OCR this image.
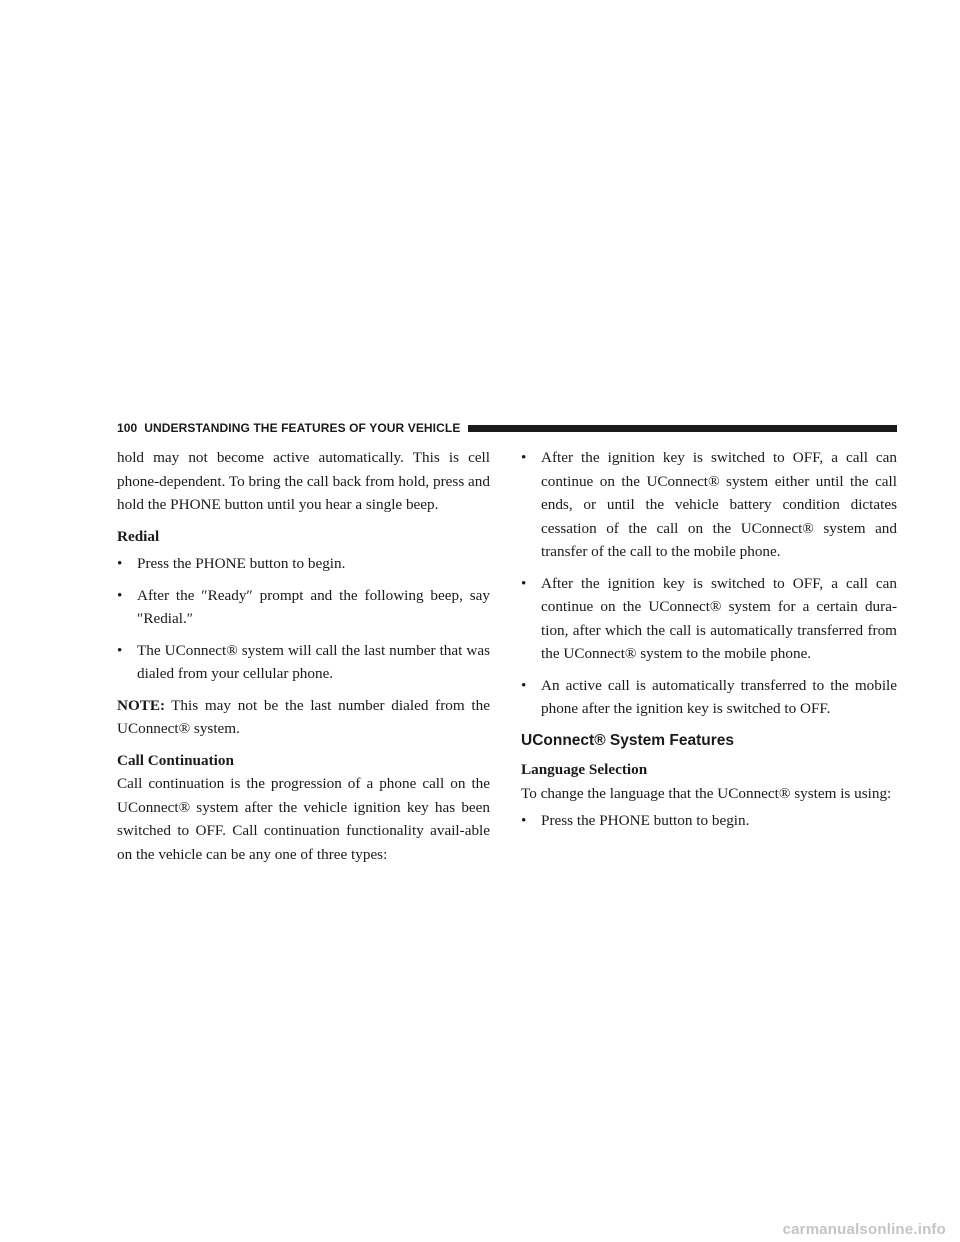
100 UNDERSTANDING THE FEATURES OF YOUR VEHICLE

hold may not become active automatically. This is cell phone-dependent. To bring the call back from hold, press and hold the PHONE button until you hear a single beep.

Redial

• Press the PHONE button to begin.
• After the ″Ready″ prompt and the following beep, say ″Redial.″
• The UConnect® system will call the last number that was dialed from your cellular phone.

NOTE: This may not be the last number dialed from the UConnect® system.

Call Continuation

Call continuation is the progression of a phone call on the UConnect® system after the vehicle ignition key has been switched to OFF. Call continuation functionality avail-able on the vehicle can be any one of three types:

• After the ignition key is switched to OFF, a call can continue on the UConnect® system either until the call ends, or until the vehicle battery condition dictates cessation of the call on the UConnect® system and transfer of the call to the mobile phone.
• After the ignition key is switched to OFF, a call can continue on the UConnect® system for a certain dura-tion, after which the call is automatically transferred from the UConnect® system to the mobile phone.
• An active call is automatically transferred to the mobile phone after the ignition key is switched to OFF.
UConnect® System Features

Language Selection

To change the language that the UConnect® system is using:

• Press the PHONE button to begin.
carmanualsonline.info
